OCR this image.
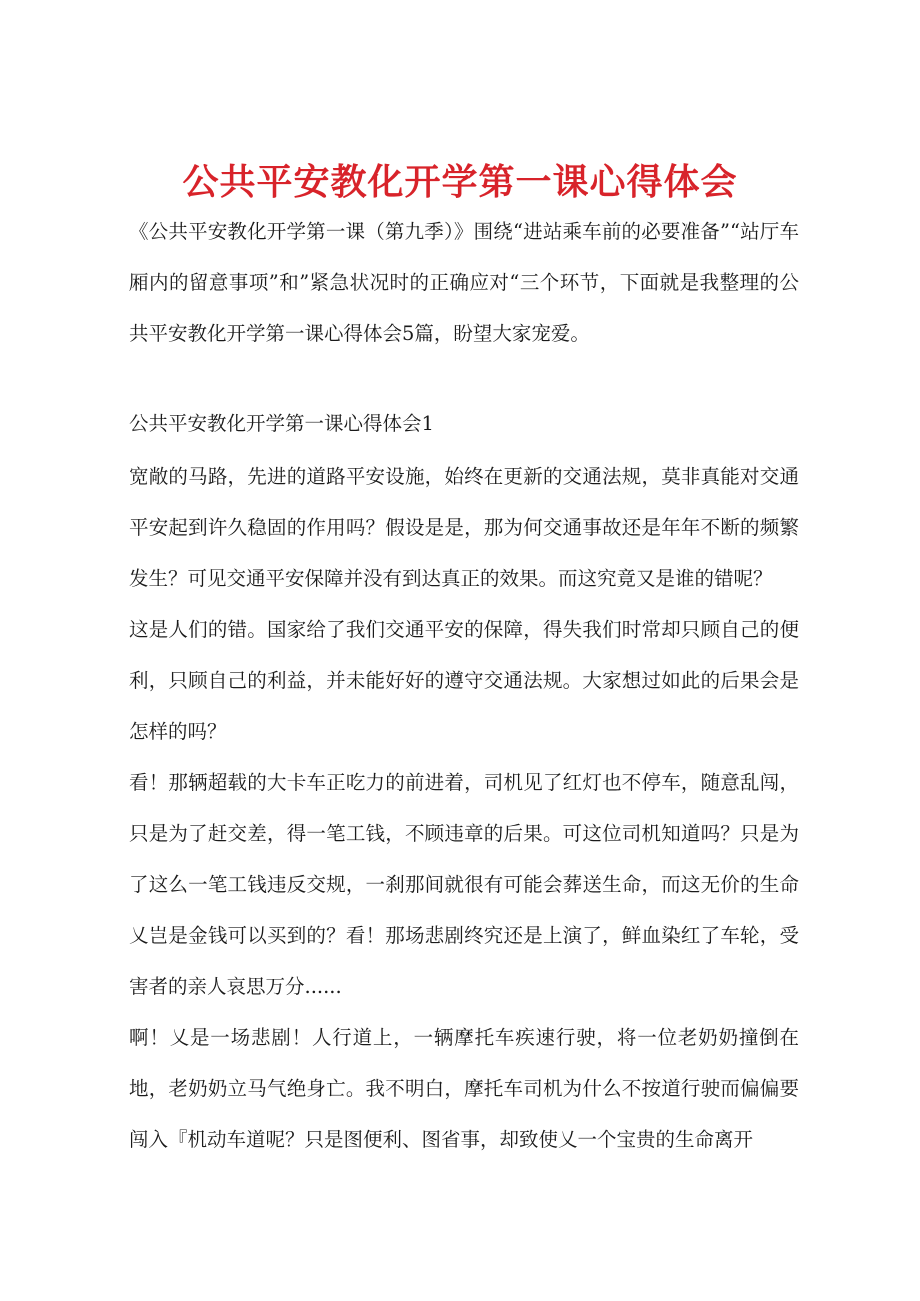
公共平安教化开学第一课心得体会

《公共平安教化开学第一课（第九季）》围绕“进站乘车前的必要准备”“站厅车厢内的留意事项”和”紧急状况时的正确应对“三个环节，下面就是我整理的公共平安教化开学第一课心得体会5篇，盼望大家宠爱。

公共平安教化开学第一课心得体会1

宽敞的马路，先进的道路平安设施，始终在更新的交通法规，莫非真能对交通平安起到许久稳固的作用吗？假设是是，那为何交通事故还是年年不断的频繁发生？可见交通平安保障并没有到达真正的效果。而这究竟又是谁的错呢？

这是人们的错。国家给了我们交通平安的保障，得失我们时常却只顾自己的便利，只顾自己的利益，并未能好好的遵守交通法规。大家想过如此的后果会是怎样的吗？

看！那辆超载的大卡车正吃力的前进着，司机见了红灯也不停车，随意乱闯，只是为了赶交差，得一笔工钱，不顾违章的后果。可这位司机知道吗？只是为了这么一笔工钱违反交规，一刹那间就很有可能会葬送生命，而这无价的生命乂岂是金钱可以买到的？看！那场悲剧终究还是上演了，鲜血染红了车轮，受害者的亲人哀思万分......

啊！乂是一场悲剧！人行道上，一辆摩托车疾速行驶，将一位老奶奶撞倒在地，老奶奶立马气绝身亡。我不明白，摩托车司机为什么不按道行驶而偏偏要闯入『机动车道呢？只是图便利、图省事，却致使乂一个宝贵的生命离开
